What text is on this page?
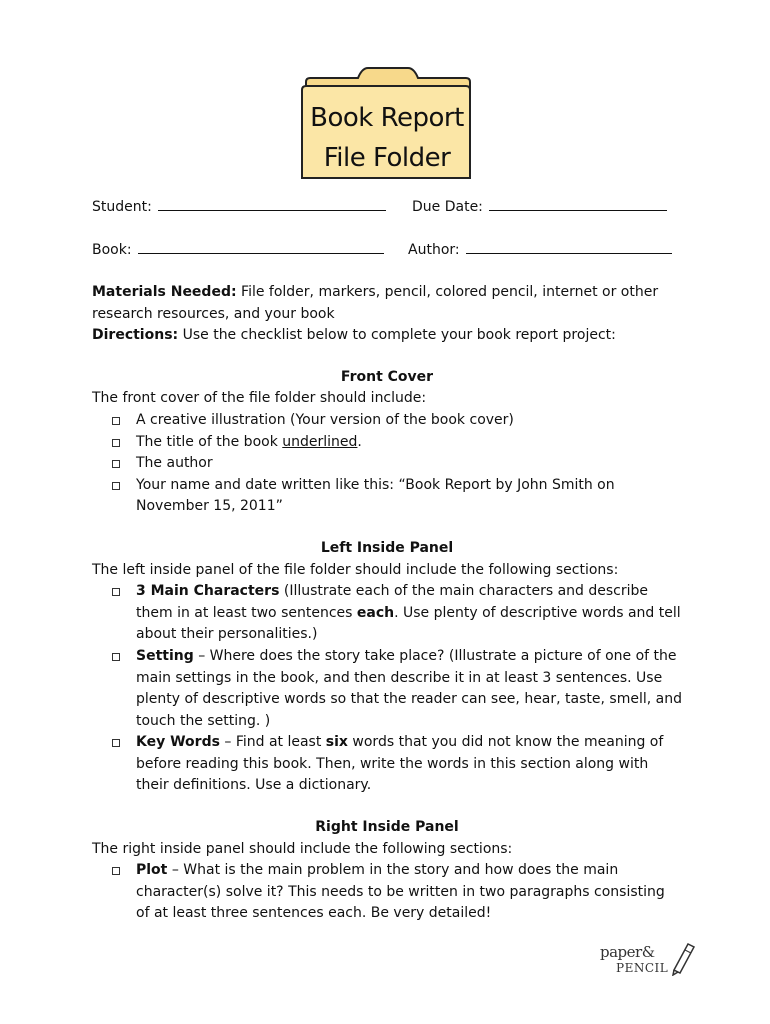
Book Report
File Folder
Student:	Due Date:
Book:	Author:

Materials Needed: File folder, markers, pencil, colored pencil, internet or other research resources, and your book

Directions: Use the checklist below to complete your book report project:

Front Cover

The front cover of the file folder should include:

A creative illustration (Your version of the book cover)
The title of the book underlined.
The author
Your name and date written like this: “Book Report by John Smith on November 15, 2011”

Left Inside Panel

The left inside panel of the file folder should include the following sections:

3 Main Characters (Illustrate each of the main characters and describe them in at least two sentences each. Use plenty of descriptive words and tell about their personalities.)
Setting – Where does the story take place? (Illustrate a picture of one of the main settings in the book, and then describe it in at least 3 sentences. Use plenty of descriptive words so that the reader can see, hear, taste, smell, and touch the setting. )
Key Words – Find at least six words that you did not know the meaning of before reading this book. Then, write the words in this section along with their definitions. Use a dictionary.

Right Inside Panel

The right inside panel should include the following sections:

Plot – What is the main problem in the story and how does the main character(s) solve it? This needs to be written in two paragraphs consisting of at least three sentences each. Be very detailed!
paper&
PENCIL
